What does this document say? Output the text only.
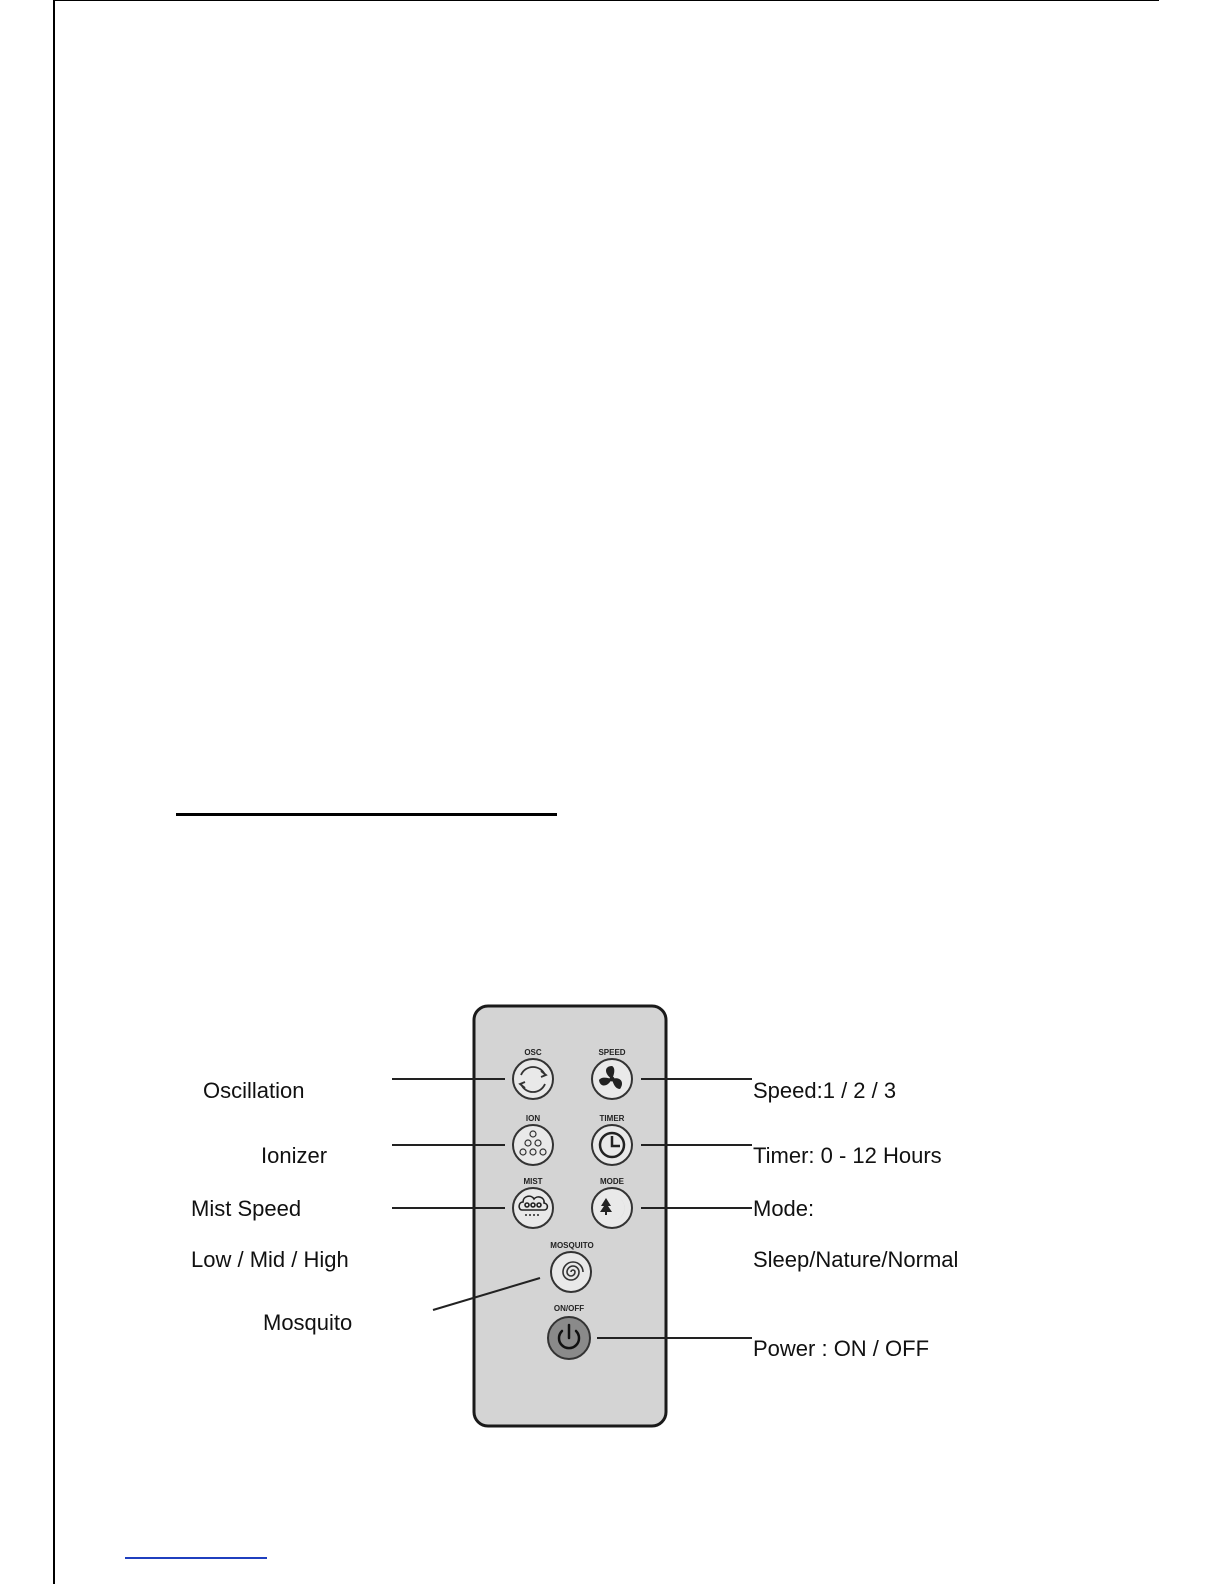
OSC	SPEED
ION	TIMER
MIST	MODE
MOSQUITO
ON/OFF
Oscillation
Ionizer
Mist Speed
Low / Mid / High
Mosquito
Speed:1 / 2 / 3
Timer: 0 - 12 Hours
Mode:
Sleep/Nature/Normal
Power : ON / OFF
